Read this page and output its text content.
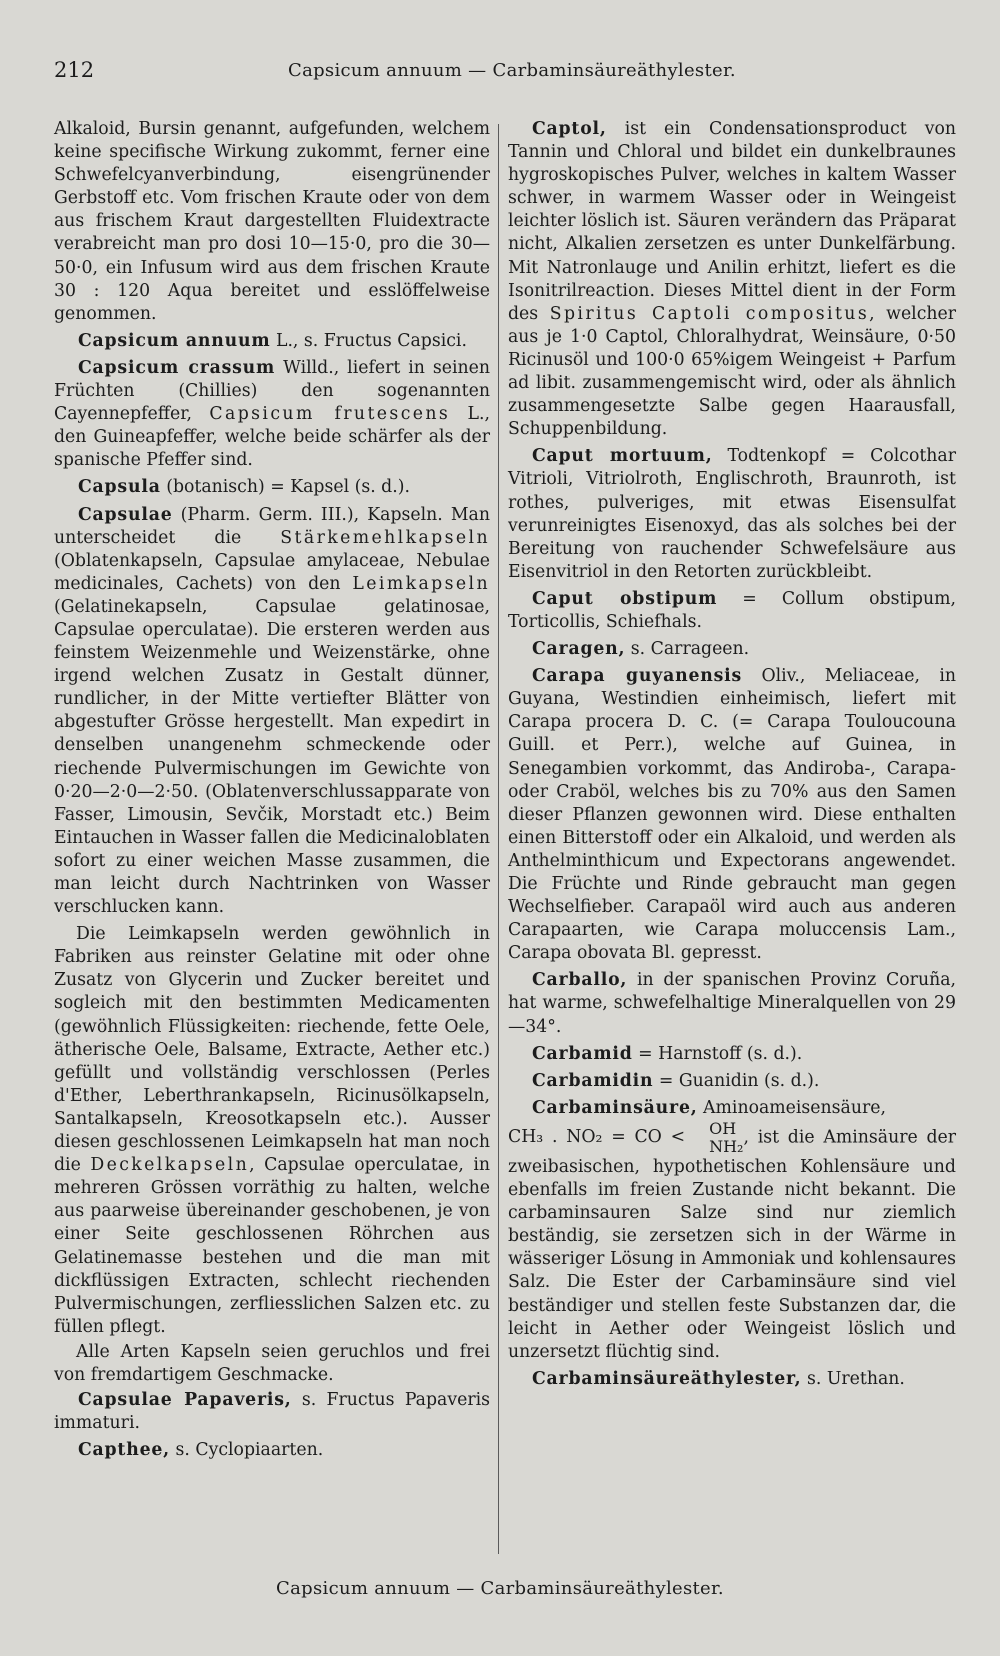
212	Capsicum annuum — Carbaminsäureäthylester.

Alkaloid, Bursin genannt, aufgefunden, welchem keine specifische Wirkung zukommt, ferner eine Schwefelcyanverbindung, eisengrünender Gerbstoff etc. Vom frischen Kraute oder von dem aus frischem Kraut dargestellten Fluidextracte verabreicht man pro dosi 10—15·0, pro die 30—50·0, ein Infusum wird aus dem frischen Kraute 30 : 120 Aqua bereitet und esslöffelweise genommen.

Capsicum annuum L., s. Fructus Capsici.

Capsicum crassum Willd., liefert in seinen Früchten (Chillies) den sogenannten Cayennepfeffer, Capsicum frutescens L., den Guineapfeffer, welche beide schärfer als der spanische Pfeffer sind.

Capsula (botanisch) = Kapsel (s. d.).

Capsulae (Pharm. Germ. III.), Kapseln. Man unterscheidet die Stärkemehlkapseln (Oblatenkapseln, Capsulae amylaceae, Nebulae medicinales, Cachets) von den Leimkapseln (Gelatinekapseln, Capsulae gelatinosae, Capsulae operculatae). Die ersteren werden aus feinstem Weizenmehle und Weizenstärke, ohne irgend welchen Zusatz in Gestalt dünner, rundlicher, in der Mitte vertiefter Blätter von abgestufter Grösse hergestellt. Man expedirt in denselben unangenehm schmeckende oder riechende Pulvermischungen im Gewichte von 0·20—2·0—2·50. (Oblatenverschlussapparate von Fasser, Limousin, Sevčik, Morstadt etc.) Beim Eintauchen in Wasser fallen die Medicinaloblaten sofort zu einer weichen Masse zusammen, die man leicht durch Nachtrinken von Wasser verschlucken kann.

Die Leimkapseln werden gewöhnlich in Fabriken aus reinster Gelatine mit oder ohne Zusatz von Glycerin und Zucker bereitet und sogleich mit den bestimmten Medicamenten (gewöhnlich Flüssigkeiten: riechende, fette Oele, ätherische Oele, Balsame, Extracte, Aether etc.) gefüllt und vollständig verschlossen (Perles d'Ether, Leberthrankapseln, Ricinusölkapseln, Santalkapseln, Kreosotkapseln etc.). Ausser diesen geschlossenen Leimkapseln hat man noch die Deckelkapseln, Capsulae operculatae, in mehreren Grössen vorräthig zu halten, welche aus paarweise übereinander geschobenen, je von einer Seite geschlossenen Röhrchen aus Gelatinemasse bestehen und die man mit dickflüssigen Extracten, schlecht riechenden Pulvermischungen, zerfliesslichen Salzen etc. zu füllen pflegt.

Alle Arten Kapseln seien geruchlos und frei von fremdartigem Geschmacke.

Capsulae Papaveris, s. Fructus Papaveris immaturi.

Capthee, s. Cyclopiaarten.

Captol, ist ein Condensationsproduct von Tannin und Chloral und bildet ein dunkelbraunes hygroskopisches Pulver, welches in kaltem Wasser schwer, in warmem Wasser oder in Weingeist leichter löslich ist. Säuren verändern das Präparat nicht, Alkalien zersetzen es unter Dunkelfärbung. Mit Natronlauge und Anilin erhitzt, liefert es die Isonitrilreaction. Dieses Mittel dient in der Form des Spiritus Captoli compositus, welcher aus je 1·0 Captol, Chloralhydrat, Weinsäure, 0·50 Ricinusöl und 100·0 65%igem Weingeist + Parfum ad libit. zusammengemischt wird, oder als ähnlich zusammengesetzte Salbe gegen Haarausfall, Schuppenbildung.

Caput mortuum, Todtenkopf = Colcothar Vitrioli, Vitriolroth, Englischroth, Braunroth, ist rothes, pulveriges, mit etwas Eisensulfat verunreinigtes Eisenoxyd, das als solches bei der Bereitung von rauchender Schwefelsäure aus Eisenvitriol in den Retorten zurückbleibt.

Caput obstipum = Collum obstipum, Torticollis, Schiefhals.

Caragen, s. Carrageen.

Carapa guyanensis Oliv., Meliaceae, in Guyana, Westindien einheimisch, liefert mit Carapa procera D. C. (= Carapa Touloucouna Guill. et Perr.), welche auf Guinea, in Senegambien vorkommt, das Andiroba-, Carapa- oder Craböl, welches bis zu 70% aus den Samen dieser Pflanzen gewonnen wird. Diese enthalten einen Bitterstoff oder ein Alkaloid, und werden als Anthelminthicum und Expectorans angewendet. Die Früchte und Rinde gebraucht man gegen Wechselfieber. Carapaöl wird auch aus anderen Carapaarten, wie Carapa moluccensis Lam., Carapa obovata Bl. gepresst.

Carballo, in der spanischen Provinz Coruña, hat warme, schwefelhaltige Mineralquellen von 29—34°.

Carbamid = Harnstoff (s. d.).

Carbamidin = Guanidin (s. d.).

Carbaminsäure, Aminoameisensäure,
CH₃ . NO₂ = CO <	OH
NH₂ , ist die Aminsäure der zweibasischen, hypothetischen Kohlensäure und ebenfalls im freien Zustande nicht bekannt. Die carbaminsauren Salze sind nur ziemlich beständig, sie zersetzen sich in der Wärme in wässeriger Lösung in Ammoniak und kohlensaures Salz. Die Ester der Carbaminsäure sind viel beständiger und stellen feste Substanzen dar, die leicht in Aether oder Weingeist löslich und unzersetzt flüchtig sind.

Carbaminsäureäthylester, s. Urethan.

Capsicum annuum — Carbaminsäureäthylester.
